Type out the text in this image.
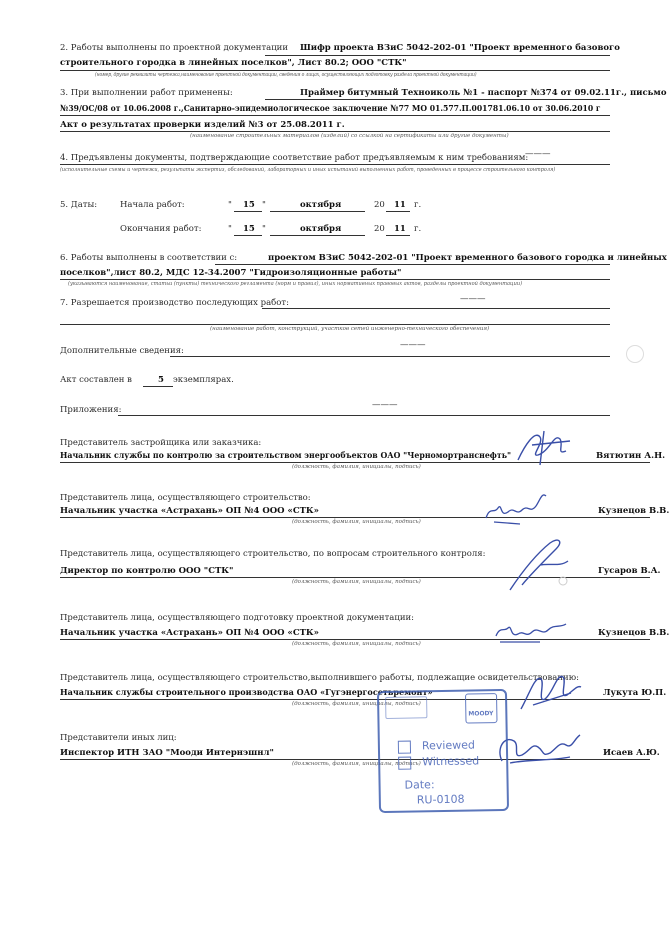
2. Работы выполнены по проектной документации Шифр проекта ВЗиС 5042-202-01 "Проект временного базового
строительного городка в линейных поселков", Лист 80.2; ООО "СТК"
(номер, другие реквизиты чертежа,наименование проектной документации, сведения о лицах, осуществляющих подготовку раздела проектной документации)
3. При выполнении работ применены:	Праймер битумный Техноиколь №1 - паспорт №374 от 09.02.11г., письмо
№39/ОС/08 от 10.06.2008 г.,Санитарно-эпидемиологическое заключение №77 МО 01.577.П.001781.06.10 от 30.06.2010 г
Акт о результатах проверки изделий №3 от 25.08.2011 г.
(наименование строительных материалов (изделий) со ссылкой на сертификаты или другие документы)
4. Предъявлены документы, подтверждающие соответствие работ предъявляемым к ним требованиям:
———
(исполнительные схемы и чертежи, результаты экспертиз, обследований, лабораторных и иных испытаний выполненных работ, проведенных в процессе строительного контроля)
5. Даты:	Начала работ:	" 15 "	октября	20 11 г.
Окончания работ:	" 15 "	октября	20 11 г.
6. Работы выполнены в соответствии с:	проектом ВЗиС 5042-202-01 "Проект временного базового городка и линейных
поселков",лист 80.2, МДС 12-34.2007 "Гидроизоляционные работы"
(указываются наименование, статьи (пункты) технического регламента (норм и правил), иных нормативных правовых актов, разделы проектной документации)
7. Разрешается производство последующих работ:	———
(наименование работ, конструкций, участков сетей инженерно-технического обеспечения)
Дополнительные сведения:
———
Акт составлен в	5 экземплярах.
Приложения:	———
Представитель застройщика или заказчика:
Начальник службы по контролю за строительством энергообъектов ОАО "Черномортранснефть"	Вятютин А.Н.
(должность, фамилия, инициалы, подпись)
Представитель лица, осуществляющего строительство:
Начальник участка «Астрахань» ОП №4 ООО «СТК»	Кузнецов В.В.
(должность, фамилия, инициалы, подпись)
Представитель лица, осуществляющего строительство, по вопросам строительного контроля:
Директор по контролю ООО "СТК"	Гусаров В.А.
(должность, фамилия, инициалы, подпись)
Представитель лица, осуществляющего подготовку проектной документации:
Начальник участка «Астрахань» ОП №4 ООО «СТК»	Кузнецов В.В.
(должность, фамилия, инициалы, подпись)
Представитель лица, осуществляющего строительство,выполнившего работы, подлежащие освидетельствованию:
Начальник службы строительного производства ОАО «Гугэнергосетьремонт»	Лукута Ю.П.
(должность, фамилия, инициалы, подпись)
Представители иных лиц:
Инспектор ИТН ЗАО "Мооди Интернэшнл"	Исаев А.Ю.
(должность, фамилия, инициалы, подпись)
MOODY
Reviewed
Witnessed
Date:
RU-0108
